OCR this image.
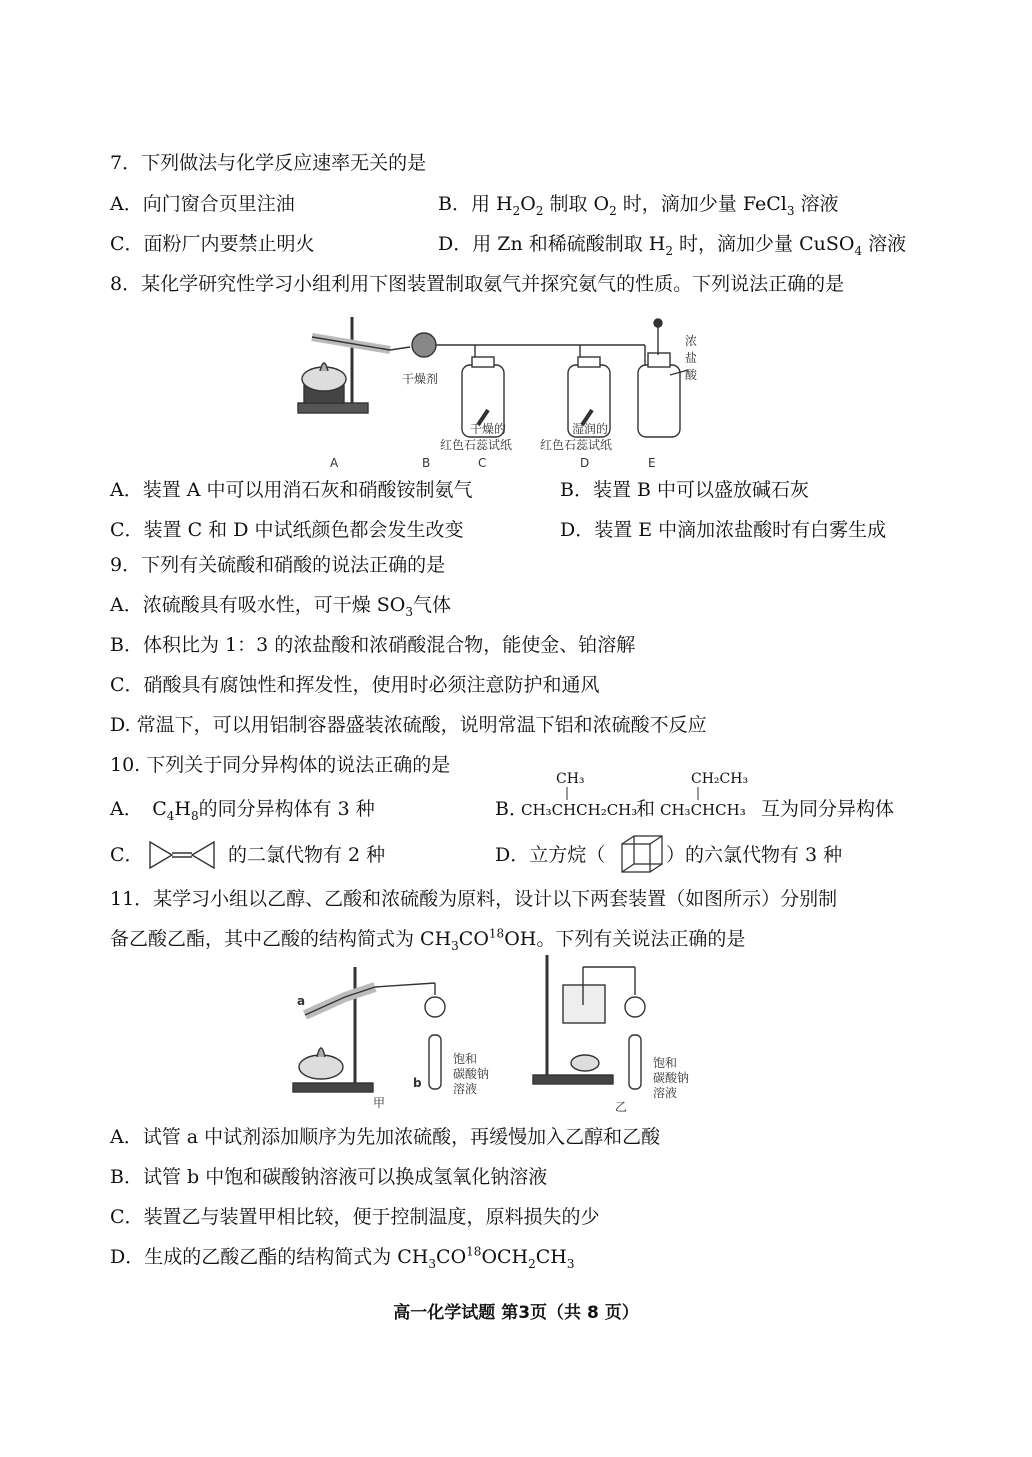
7．下列做法与化学反应速率无关的是
A．向门窗合页里注油	B．用 $H_2O_2$ 制取 $O_2$ 时，滴加少量 FeCl$_3$ 溶液
C．面粉厂内要禁止明火	D．用 Zn 和稀硫酸制取 $H_2$ 时，滴加少量 CuSO$_4$ 溶液
8．某化学研究性学习小组利用下图装置制取氨气并探究氨气的性质。下列说法正确的是
干燥剂
浓
盐
酸
干燥的
红色石蕊试纸
湿润的
红色石蕊试纸
A	B	C	D	E
A．装置 A 中可以用消石灰和硝酸铵制氨气	B．装置 B 中可以盛放碱石灰
C．装置 C 和 D 中试纸颜色都会发生改变	D．装置 E 中滴加浓盐酸时有白雾生成
9．下列有关硫酸和硝酸的说法正确的是
A．浓硫酸具有吸水性，可干燥 $SO_3$气体
B．体积比为 1：3 的浓盐酸和浓硝酸混合物，能使金、铂溶解
C．硝酸具有腐蚀性和挥发性，使用时必须注意防护和通风
D. 常温下，可以用铝制容器盛装浓硫酸，说明常温下铝和浓硫酸不反应
10. 下列关于同分异构体的说法正确的是
A．　$C_4H_8$的同分异构体有 3 种	B．
CH₃
CH₃CHCH₂CH₃
和
CH₂CH₃
CH₃CHCH₃ 互为同分异构体
C．	的二氯代物有 2 种	D．立方烷（	）的六氯代物有 3 种
11．某学习小组以乙醇、乙酸和浓硫酸为原料，设计以下两套装置（如图所示）分别制
备乙酸乙酯，其中乙酸的结构简式为 $CH_3CO^{18}OH$。下列有关说法正确的是
a
b
饱和
碳酸钠
溶液
饱和
碳酸钠
溶液
甲	乙
A．试管 a 中试剂添加顺序为先加浓硫酸，再缓慢加入乙醇和乙酸
B．试管 b 中饱和碳酸钠溶液可以换成氢氧化钠溶液
C．装置乙与装置甲相比较，便于控制温度，原料损失的少
D．生成的乙酸乙酯的结构简式为 $CH_3CO^{18}OCH_2CH_3$
高一化学试题 第3页（共 8 页）
